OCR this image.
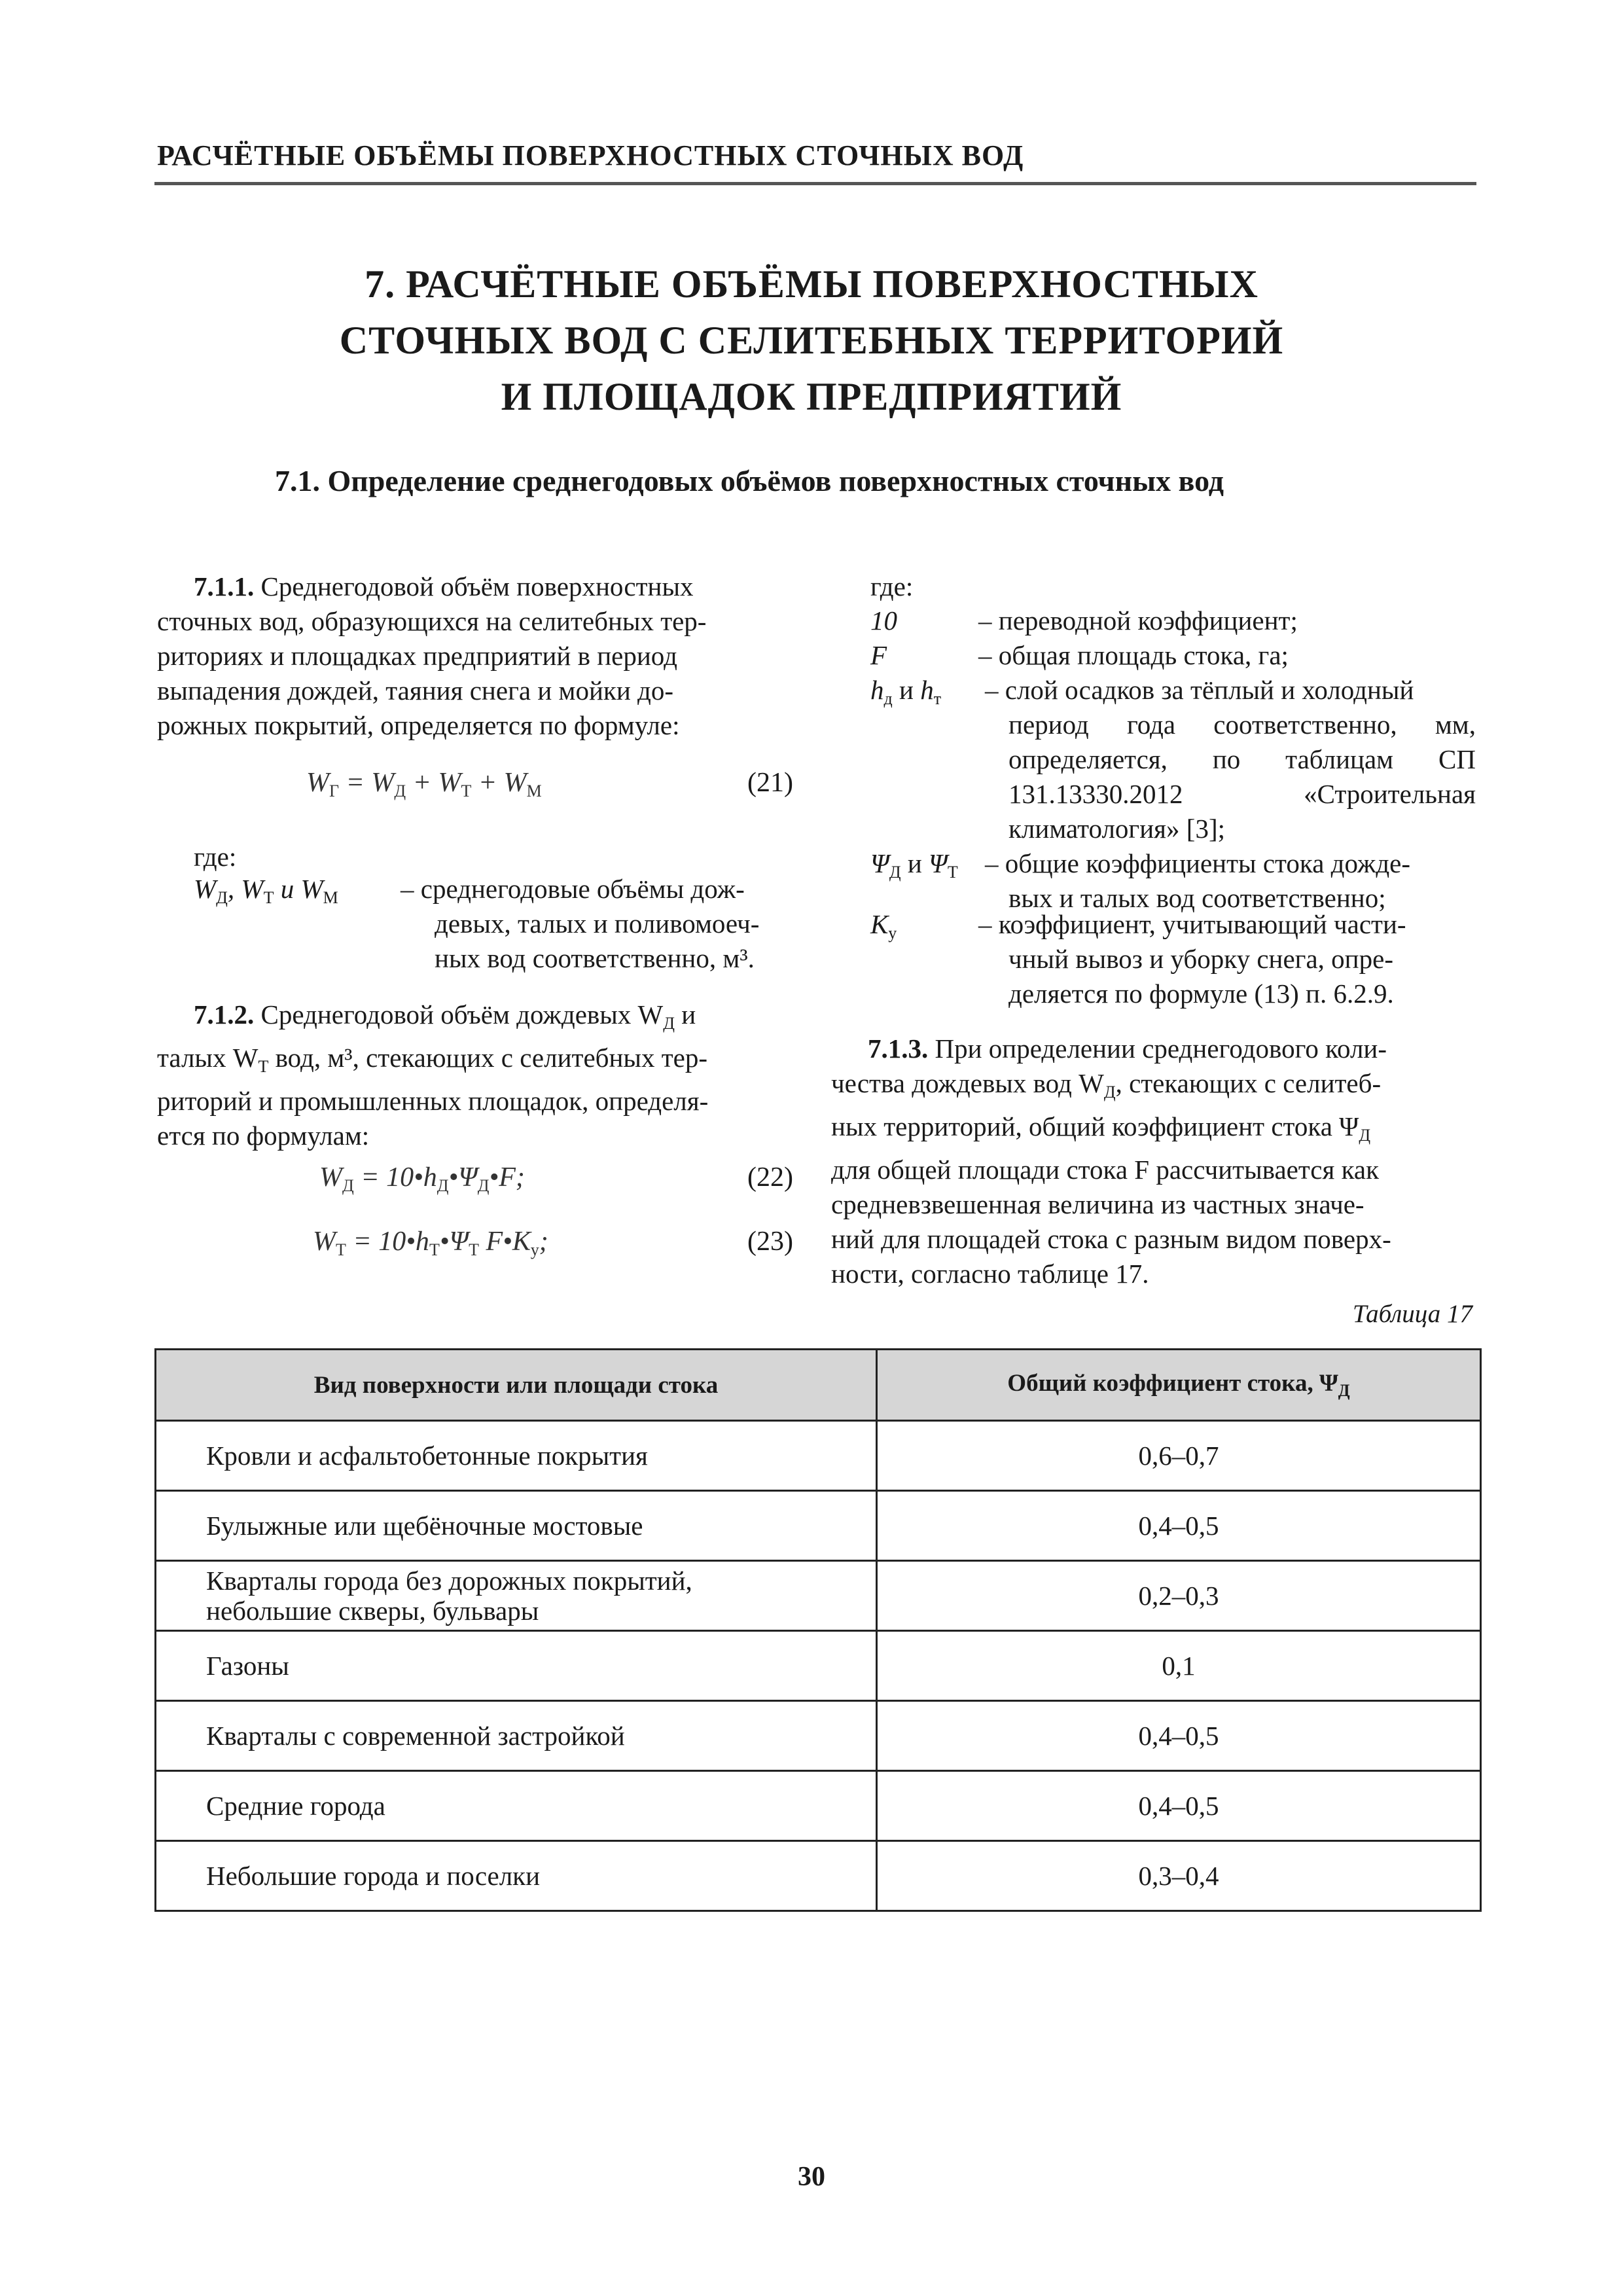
РАСЧЁТНЫЕ ОБЪЁМЫ ПОВЕРХНОСТНЫХ СТОЧНЫХ ВОД
7. РАСЧЁТНЫЕ ОБЪЁМЫ ПОВЕРХНОСТНЫХ
СТОЧНЫХ ВОД С СЕЛИТЕБНЫХ ТЕРРИТОРИЙ
И ПЛОЩАДОК ПРЕДПРИЯТИЙ
7.1. Определение среднегодовых объёмов поверхностных сточных вод
7.1.1. Среднегодовой объём поверхностных
сточных вод, образующихся на селитебных тер-
риториях и площадках предприятий в период
выпадения дождей, таяния снега и мойки до-
рожных покрытий, определяется по формуле:
$W_Г = W_Д + W_Т + W_М$	(21)
где:
$W_Д$, $W_Т$ и $W_М$ – среднегодовые объёмы дож-
девых, талых и поливомоеч-
ных вод соответственно, м³.
7.1.2. Среднегодовой объём дождевых $W_Д$ и
талых $W_Т$ вод, м³, стекающих с селитебных тер-
риторий и промышленных площадок, определя-
ется по формулам:
$W_Д$ = $10•h_Д•\Psi_Д•F$;	(22)
$W_Т$ = $10•h_Т•\Psi_Т$ $F•К_у$;	(23)
где:
10	– переводной коэффициент;
F	– общая площадь стока, га;
$h_д$ и $h_т$ – слой осадков за тёплый и холодный
период года соответственно, мм,
определяется, по таблицам СП
131.13330.2012 «Строительная
климатология» [3];
$\Psi_Д$ и $\Psi_Т$ – общие коэффициенты стока дожде-
вых и талых вод соответственно;
$К_у$	– коэффициент, учитывающий части-
чный вывоз и уборку снега, опре-
деляется по формуле (13) п. 6.2.9.
7.1.3. При определении среднегодового коли-
чества дождевых вод $W_Д$, стекающих с селитеб-
ных территорий, общий коэффициент стока $\Psi_Д$
для общей площади стока F рассчитывается как
средневзвешенная величина из частных значе-
ний для площадей стока с разным видом поверх-
ности, согласно таблице 17.
Таблица 17
Вид поверхности или площади стока	Общий коэффициент стока, $\Psi_Д$
Кровли и асфальтобетонные покрытия	0,6–0,7
Булыжные или щебёночные мостовые	0,4–0,5

Кварталы города без дорожных покрытий,
небольшие скверы, бульвары	0,2–0,3
Газоны	0,1
Кварталы с современной застройкой	0,4–0,5
Средние города	0,4–0,5
Небольшие города и поселки	0,3–0,4
30
